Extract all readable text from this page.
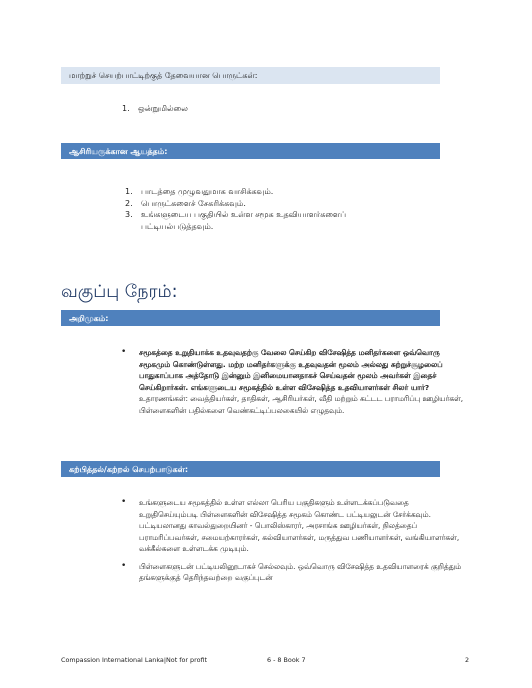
மாற்றுச் செயற்பாட்டிற்குத் தேவையான பொருட்கள்:
1. ஒன்றுமில்லை
ஆசிரியருக்கான ஆயத்தம்:
1. பாடத்தை முழுவதுமாக வாசிக்கவும்.
2. பொருட்களைச் சேகரிக்கவும்.
3. உங்களுடைய பகுதியில் உள்ள சமூக உதவியாளர்களைப் பட்டியல்படுத்தவும்.
வகுப்பு நேரம்:
அறிமுகம்:
• சமூகத்தை உறுதியாக்க உதவுவதற்கு வேலை செய்கிற விசேஷித்த மனிதர்களை ஒவ்வொரு சமூகமும் கொண்டுள்ளது. மற்ற மனிதர்களுக்கு உதவுவதன் மூலம் அல்லது சுற்றுச்சூழலைப் பாதுகாப்பாக அத்தோடு இன்னும் இனிமையானதாகச் செய்வதன் மூலம் அவர்கள் இதைச் செய்கிறார்கள். எங்களுடைய சமூகத்தில் உள்ள விசேஷித்த உதவியாளர்கள் சிலர் யார்? உதாரணங்கள்: வைத்தியர்கள், தாதிகள், ஆசிரியர்கள், வீதி மற்றும் கட்டட பராமரிப்பு ஊழியர்கள், பிள்ளைகளின் பதில்களை வெண்கட்டிப்பலகையில் எழுதவும்.
கற்பித்தல்/கற்றல் செயற்பாடுகள்:
• உங்களுடைய சமூகத்தில் உள்ள எல்லா பெரிய பகுதிகளும் உள்ளடக்கப்படுவதை உறுதிசெய்யும்படி பிள்ளைகளின் விசேஷித்த சமூகம் கொண்ட பட்டியலுடன் சேர்க்கவும். பட்டியலானது காவல்துறையினர் - பொலிஸ்காரர், அரசாங்க ஊழியர்கள், நிலத்தைப் பராமரிப்பவர்கள், சமையற்காரர்கள், கல்வியாளர்கள், மருத்துவ பணியாளர்கள், வங்கியாளர்கள், வக்கீல்களை உள்ளடக்க முடியும்.
• பிள்ளைகளுடன் பட்டியலினூடாகச் செல்லவும். ஒவ்வொரு விசேஷித்த உதவியாளரைக் குறித்தும் தங்களுக்குத் தெரிந்தவற்றை வகுப்புடன்
Compassion International Lanka|Not for profit	6 - 8 Book 7	2
